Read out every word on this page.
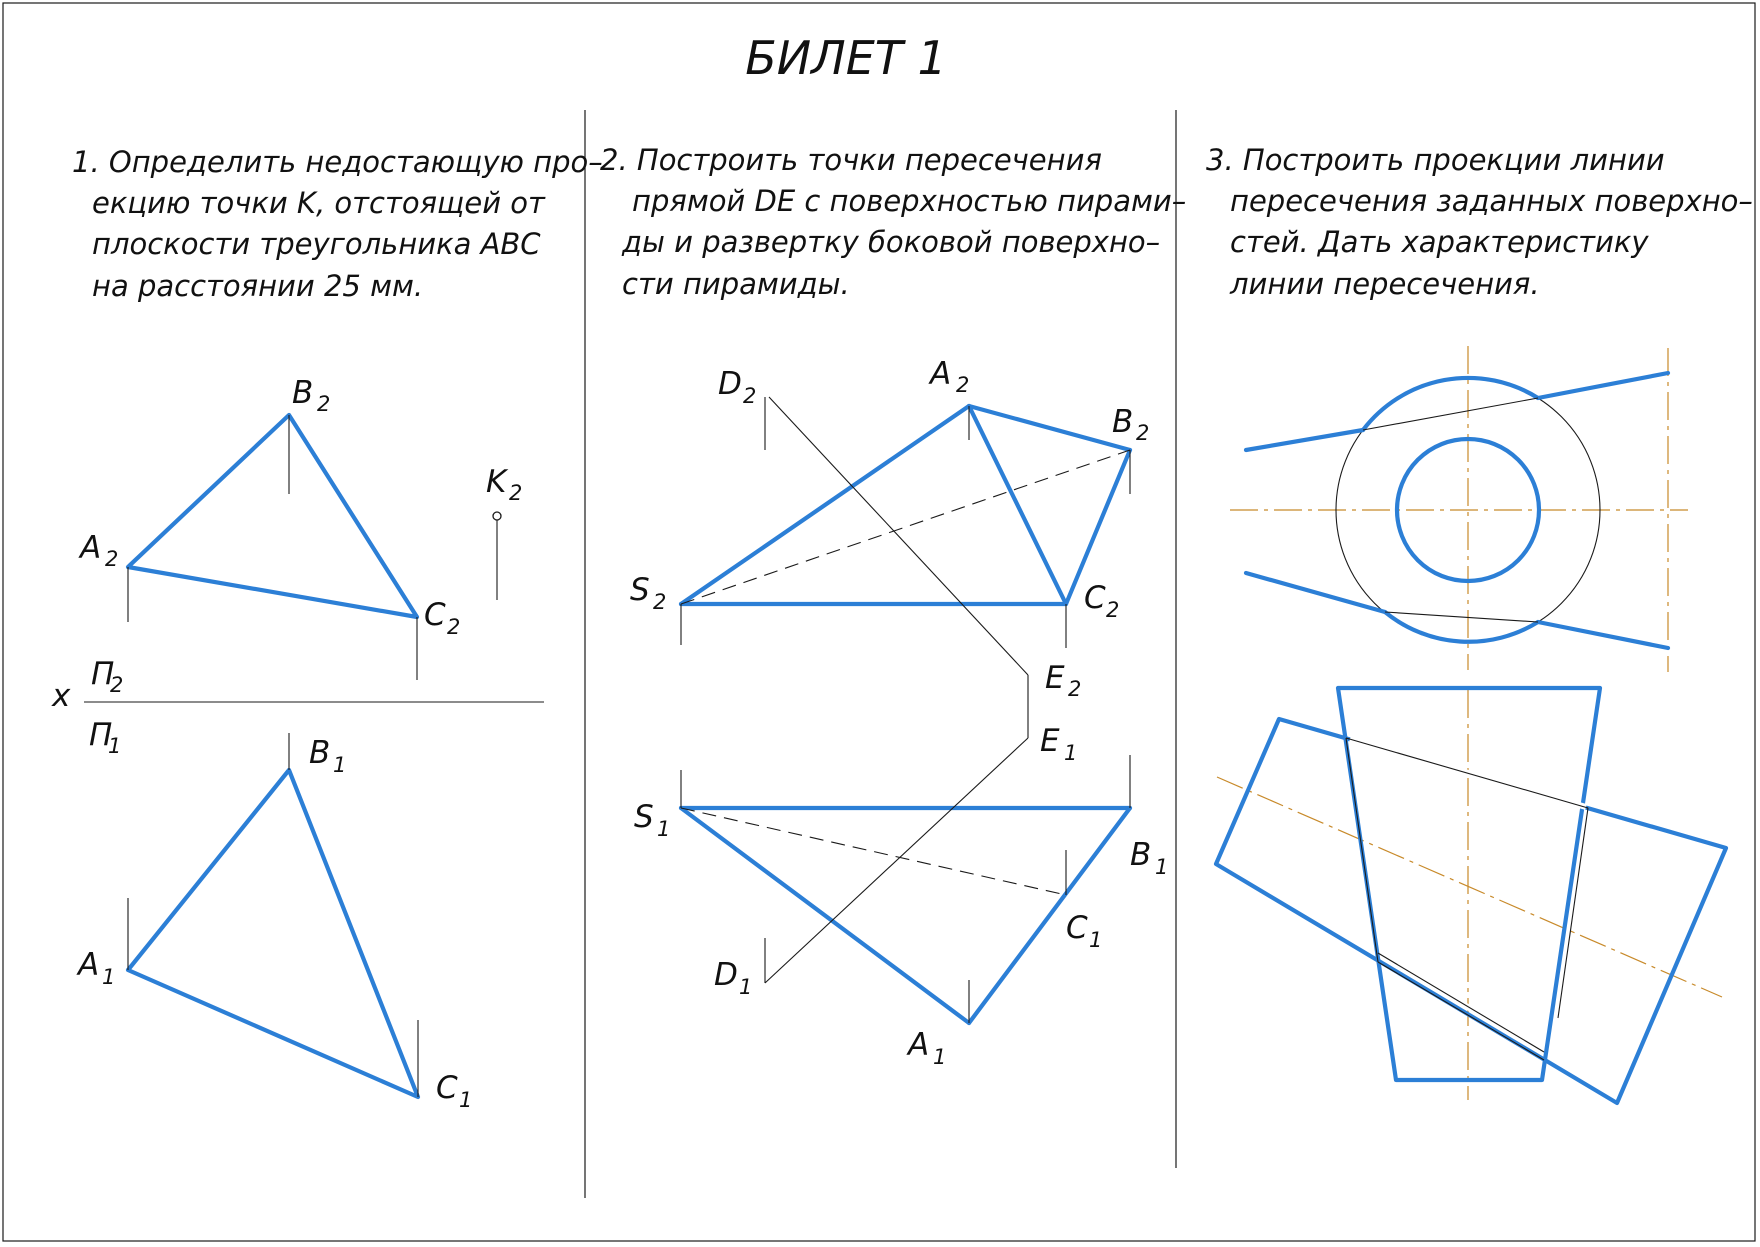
БИЛЕТ 1
1. Определить недостающую про–
екцию точки K, отстоящей от
плоскости треугольника ABC
на расстоянии 25 мм.
2. Построить точки пересечения
прямой DE с поверхностью пирами–
ды и развертку боковой поверхно–
сти пирамиды.
3. Построить проекции линии
пересечения заданных поверхно–
стей. Дать характеристику
линии пересечения.
B 2
A 2
C 2
K 2
x
П
2
П
1	B 1
A 1
C 1
D 2
A 2
B 2
S 2	C 2
E 2
E 1
S 1
B 1
C 1
D 1
A 1
